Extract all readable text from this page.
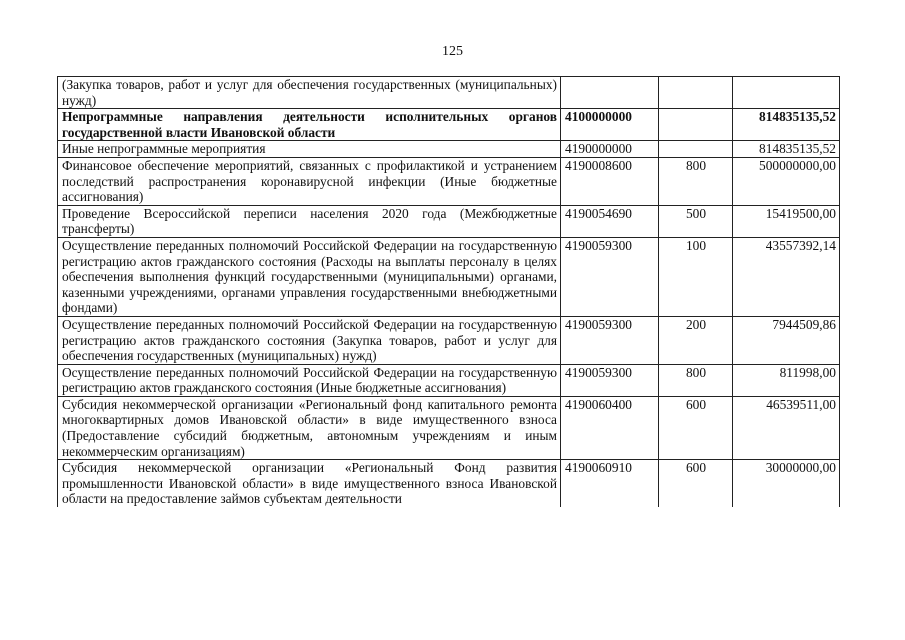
125
(Закупка товаров, работ и услуг для обеспечения государственных (муниципальных) нужд)			
Непрограммные направления деятельности исполнительных органов государственной власти Ивановской области	4100000000		814835135,52
Иные непрограммные мероприятия	4190000000		814835135,52
Финансовое обеспечение мероприятий, связанных с профилактикой и устранением последствий распространения коронавирусной инфекции (Иные бюджетные ассигнования)	4190008600	800	500000000,00
Проведение Всероссийской переписи населения 2020 года (Межбюджетные трансферты)	4190054690	500	15419500,00
Осуществление переданных полномочий Российской Федерации на государственную регистрацию актов гражданского состояния (Расходы на выплаты персоналу в целях обеспечения выполнения функций государственными (муниципальными) органами, казенными учреждениями, органами управления государственными внебюджетными фондами)	4190059300	100	43557392,14
Осуществление переданных полномочий Российской Федерации на государственную регистрацию актов гражданского состояния (Закупка товаров, работ и услуг для обеспечения государственных (муниципальных) нужд)	4190059300	200	7944509,86
Осуществление переданных полномочий Российской Федерации на государственную регистрацию актов гражданского состояния (Иные бюджетные ассигнования)	4190059300	800	811998,00
Субсидия некоммерческой организации «Региональный фонд капитального ремонта многоквартирных домов Ивановской области» в виде имущественного взноса (Предоставление субсидий бюджетным, автономным учреждениям и иным некоммерческим организациям)	4190060400	600	46539511,00
Субсидия некоммерческой организации «Региональный Фонд развития промышленности Ивановской области» в виде имущественного взноса Ивановской области на предоставление займов субъектам деятельности	4190060910	600	30000000,00
